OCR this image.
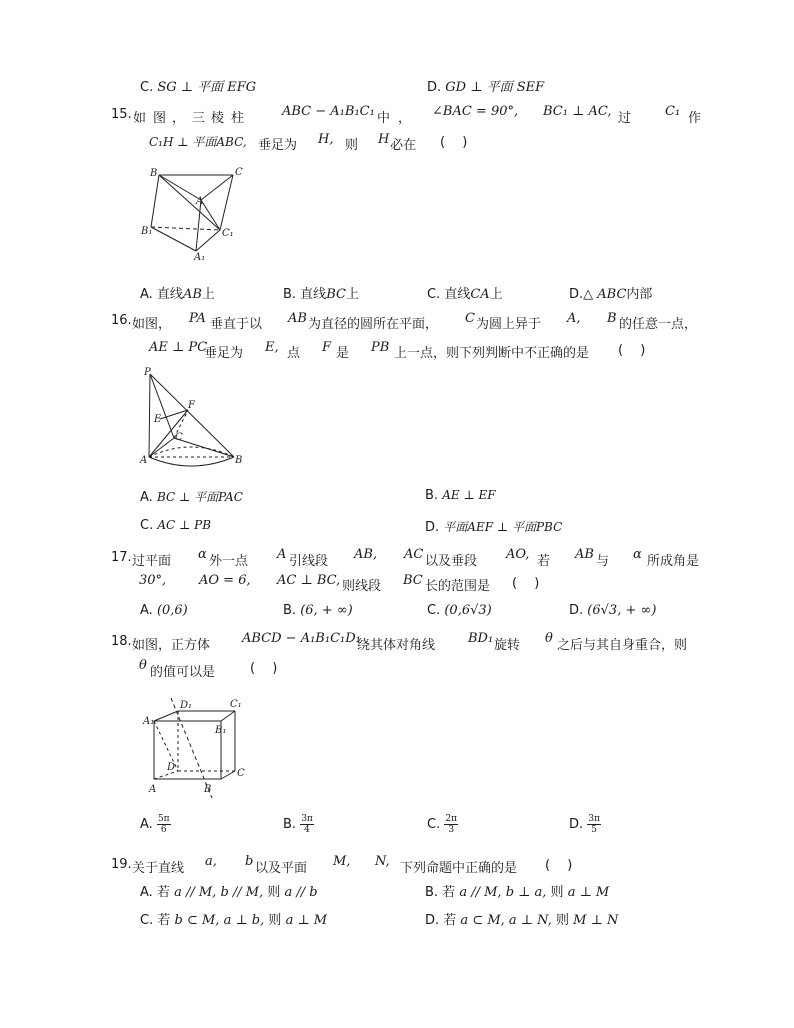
C. SG ⊥ 平面 EFG	D. GD ⊥ 平面 SEF
15. 如 图 ， 三 棱 柱	ABC − A₁B₁C₁ 中 ， ∠BAC = 90°, BC₁ ⊥ AC, 过	C₁ 作
C₁H ⊥ 平面ABC, 垂足为 H, 则 H 必在 (　 )
B	C
A
B₁	C₁
A₁
A. 直线AB上	B. 直线BC上	C. 直线CA上	D.△ ABC内部
16. 如图， PA 垂直于以 AB 为直径的圆所在平面， C 为圆上异于 A, B 的任意一点，
AE ⊥ PC
垂足为 E, 点 F 是 PB 上一点，则下列判断中不正确的是 (　 )
P
F
E
C
A	B
A. BC ⊥ 平面PAC	B. AE ⊥ EF
C. AC ⊥ PB	D. 平面AEF ⊥ 平面PBC
17. 过平面 α 外一点 A 引线段 AB, AC 以及垂段 AO, 若 AB 与 α 所成角是
30°,	AO = 6, AC ⊥ BC, 则线段 BC 长的范围是 (　 )
A. (0,6)	B. (6, + ∞)	C. (0,6√3)	D. (6√3, + ∞)
18. 如图，正方体 ABCD − A₁B₁C₁D₁
绕其体对角线	BD₁ 旋转 θ 之后与其自身重合，则
θ 的值可以是	(　 )
D₁	C₁
A₁
B₁
D
C
A	B
A. $\frac{5\pi}{6}$	B. $\frac{3\pi}{4}$	C. $\frac{2\pi}{3}$	D. $\frac{3\pi}{5}$
19. 关于直线 a, b 以及平面 M, N, 下列命题中正确的是 (　 )
A. 若 a // M, b // M, 则 a // b	B. 若 a // M, b ⊥ a, 则 a ⊥ M
C. 若 b ⊂ M, a ⊥ b, 则 a ⊥ M	D. 若 a ⊂ M, a ⊥ N, 则 M ⊥ N
